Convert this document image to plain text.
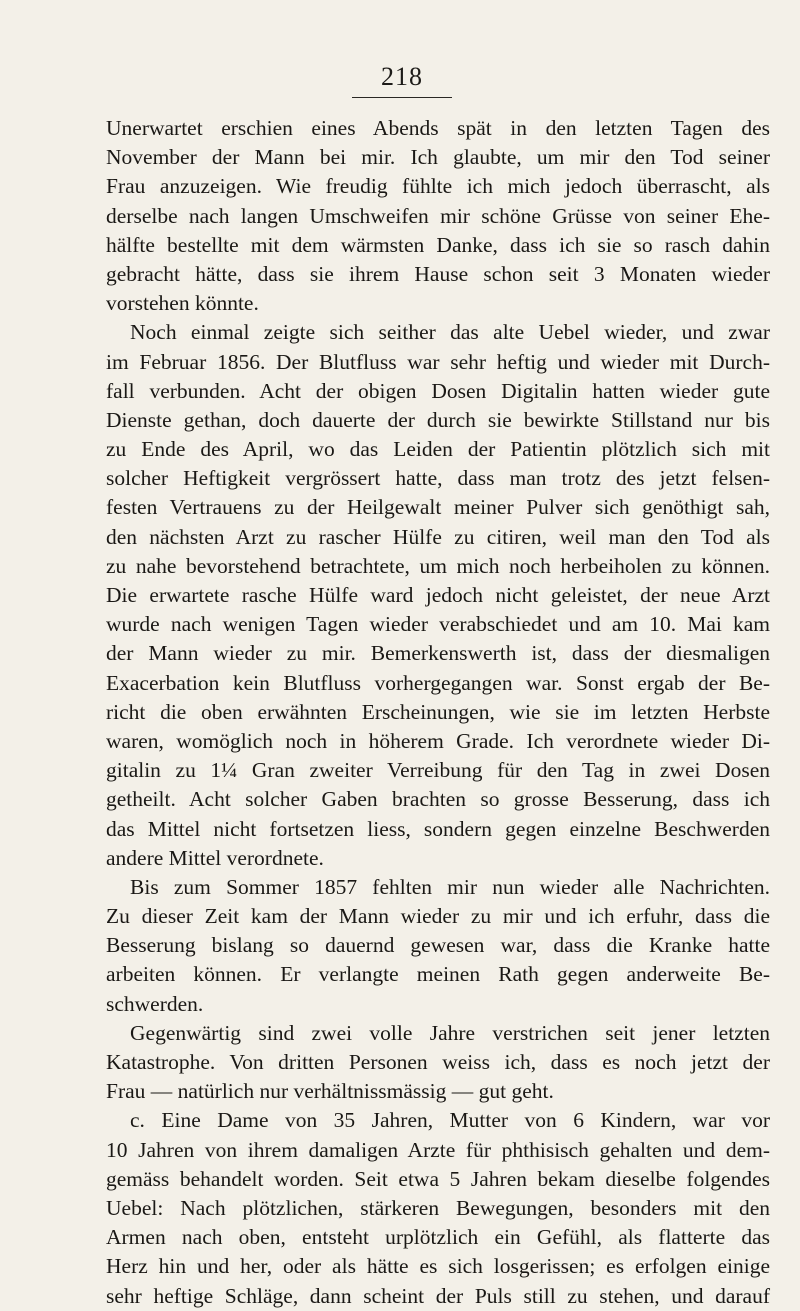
218
Unerwartet erschien eines Abends spät in den letzten Tagen des
November der Mann bei mir. Ich glaubte, um mir den Tod seiner
Frau anzuzeigen. Wie freudig fühlte ich mich jedoch überrascht, als
derselbe nach langen Umschweifen mir schöne Grüsse von seiner Ehe-
hälfte bestellte mit dem wärmsten Danke, dass ich sie so rasch dahin
gebracht hätte, dass sie ihrem Hause schon seit 3 Monaten wieder
vorstehen könnte.
Noch einmal zeigte sich seither das alte Uebel wieder, und zwar
im Februar 1856. Der Blutfluss war sehr heftig und wieder mit Durch-
fall verbunden. Acht der obigen Dosen Digitalin hatten wieder gute
Dienste gethan, doch dauerte der durch sie bewirkte Stillstand nur bis
zu Ende des April, wo das Leiden der Patientin plötzlich sich mit
solcher Heftigkeit vergrössert hatte, dass man trotz des jetzt felsen-
festen Vertrauens zu der Heilgewalt meiner Pulver sich genöthigt sah,
den nächsten Arzt zu rascher Hülfe zu citiren, weil man den Tod als
zu nahe bevorstehend betrachtete, um mich noch herbeiholen zu können.
Die erwartete rasche Hülfe ward jedoch nicht geleistet, der neue Arzt
wurde nach wenigen Tagen wieder verabschiedet und am 10. Mai kam
der Mann wieder zu mir. Bemerkenswerth ist, dass der diesmaligen
Exacerbation kein Blutfluss vorhergegangen war. Sonst ergab der Be-
richt die oben erwähnten Erscheinungen, wie sie im letzten Herbste
waren, womöglich noch in höherem Grade. Ich verordnete wieder Di-
gitalin zu 1¼ Gran zweiter Verreibung für den Tag in zwei Dosen
getheilt. Acht solcher Gaben brachten so grosse Besserung, dass ich
das Mittel nicht fortsetzen liess, sondern gegen einzelne Beschwerden
andere Mittel verordnete.
Bis zum Sommer 1857 fehlten mir nun wieder alle Nachrichten.
Zu dieser Zeit kam der Mann wieder zu mir und ich erfuhr, dass die
Besserung bislang so dauernd gewesen war, dass die Kranke hatte
arbeiten können. Er verlangte meinen Rath gegen anderweite Be-
schwerden.
Gegenwärtig sind zwei volle Jahre verstrichen seit jener letzten
Katastrophe. Von dritten Personen weiss ich, dass es noch jetzt der
Frau — natürlich nur verhältnissmässig — gut geht.
c. Eine Dame von 35 Jahren, Mutter von 6 Kindern, war vor
10 Jahren von ihrem damaligen Arzte für phthisisch gehalten und dem-
gemäss behandelt worden. Seit etwa 5 Jahren bekam dieselbe folgendes
Uebel: Nach plötzlichen, stärkeren Bewegungen, besonders mit den
Armen nach oben, entsteht urplötzlich ein Gefühl, als flatterte das
Herz hin und her, oder als hätte es sich losgerissen; es erfolgen einige
sehr heftige Schläge, dann scheint der Puls still zu stehen, und darauf
